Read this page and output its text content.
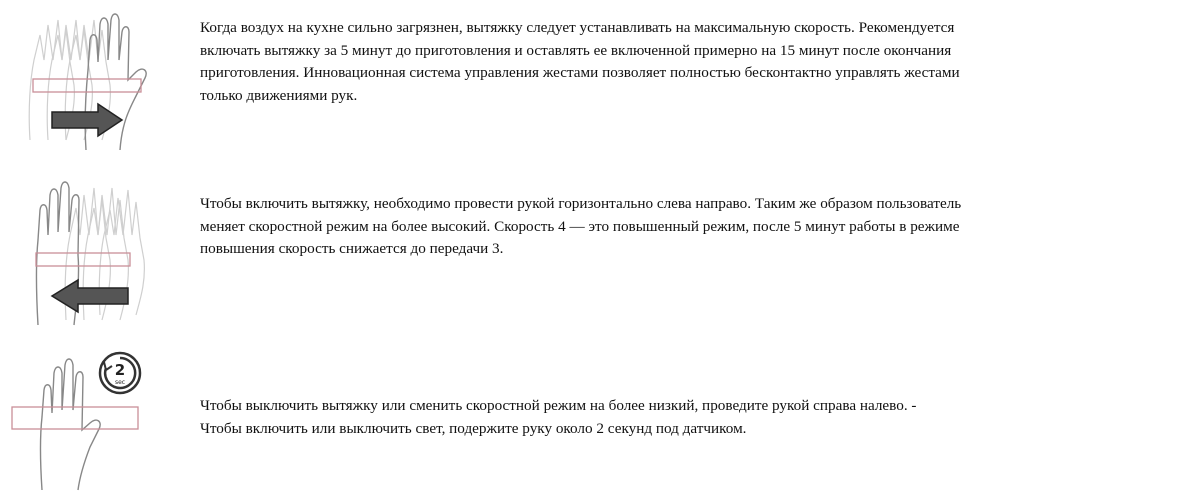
Когда воздух на кухне сильно загрязнен, вытяжку следует устанавливать на максимальную скорость. Рекомендуется

включать вытяжку за 5 минут до приготовления и оставлять ее включенной примерно на 15 минут после окончания

приготовления. Инновационная система управления жестами позволяет полностью бесконтактно управлять жестами

только движениями рук.

Чтобы включить вытяжку, необходимо провести рукой горизонтально слева направо. Таким же образом пользователь

меняет скоростной режим на более высокий. Скорость 4 — это повышенный режим, после 5 минут работы в режиме

повышения скорость снижается до передачи 3.

2
sec

Чтобы выключить вытяжку или сменить скоростной режим на более низкий, проведите рукой справа налево. -

Чтобы включить или выключить свет, подержите руку около 2 секунд под датчиком.
